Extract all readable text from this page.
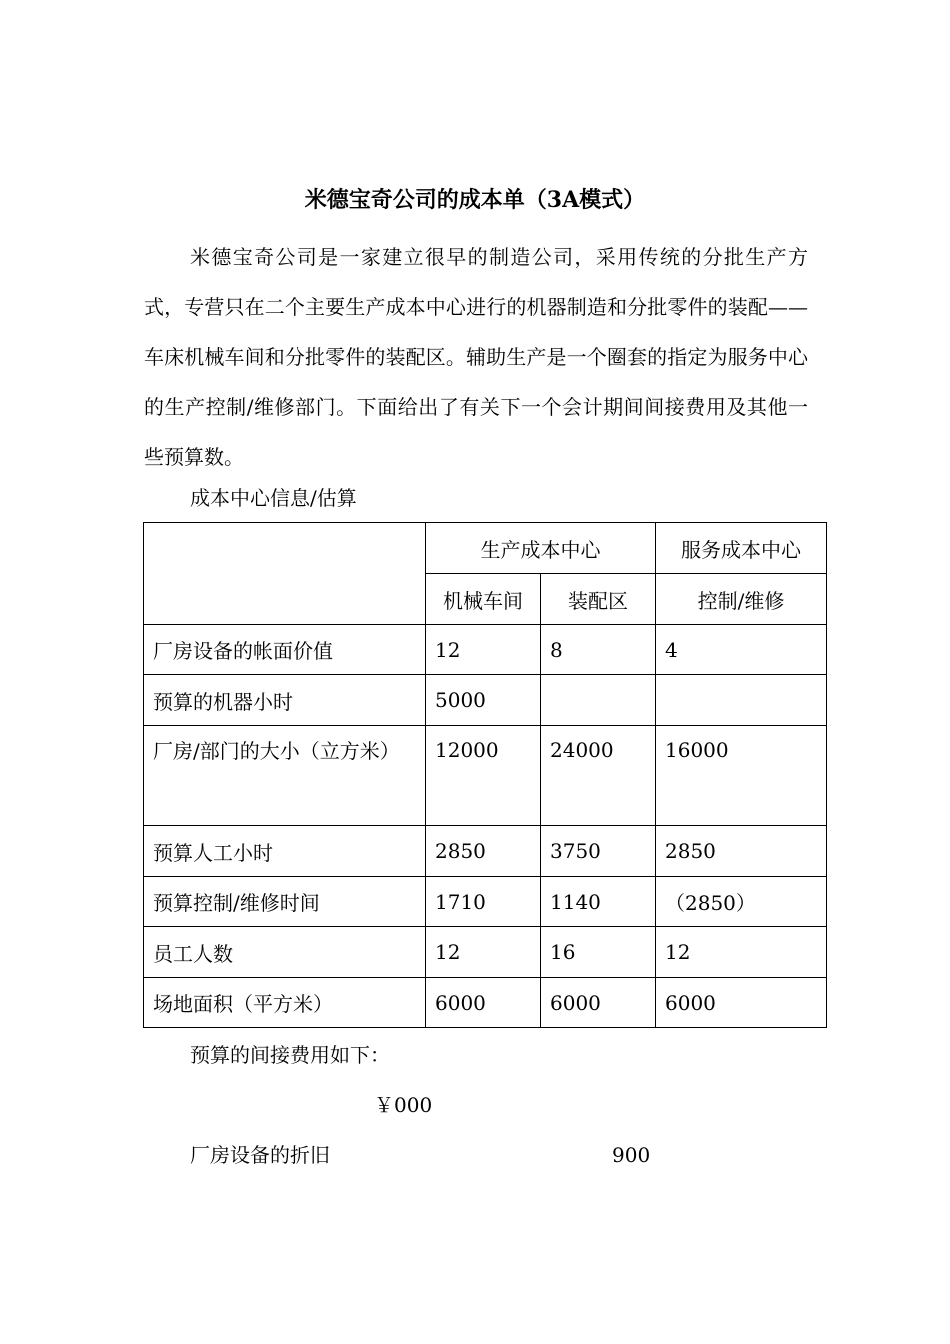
米德宝奇公司的成本单（3A模式）

米德宝奇公司是一家建立很早的制造公司，采用传统的分批生产方式，专营只在二个主要生产成本中心进行的机器制造和分批零件的装配——车床机械车间和分批零件的装配区。辅助生产是一个圈套的指定为服务中心的生产控制/维修部门。下面给出了有关下一个会计期间间接费用及其他一些预算数。

成本中心信息/估算

	生产成本中心		服务成本中心
	机械车间	装配区	控制/维修
厂房设备的帐面价值	12	8	4
预算的机器小时	5000		
厂房/部门的大小（立方米）	12000	24000	16000
预算人工小时	2850	3750	2850
预算控制/维修时间	1710	1140	（2850）
员工人数	12	16	12
场地面积（平方米）	6000	6000	6000

预算的间接费用如下：

￥000

厂房设备的折旧	900
